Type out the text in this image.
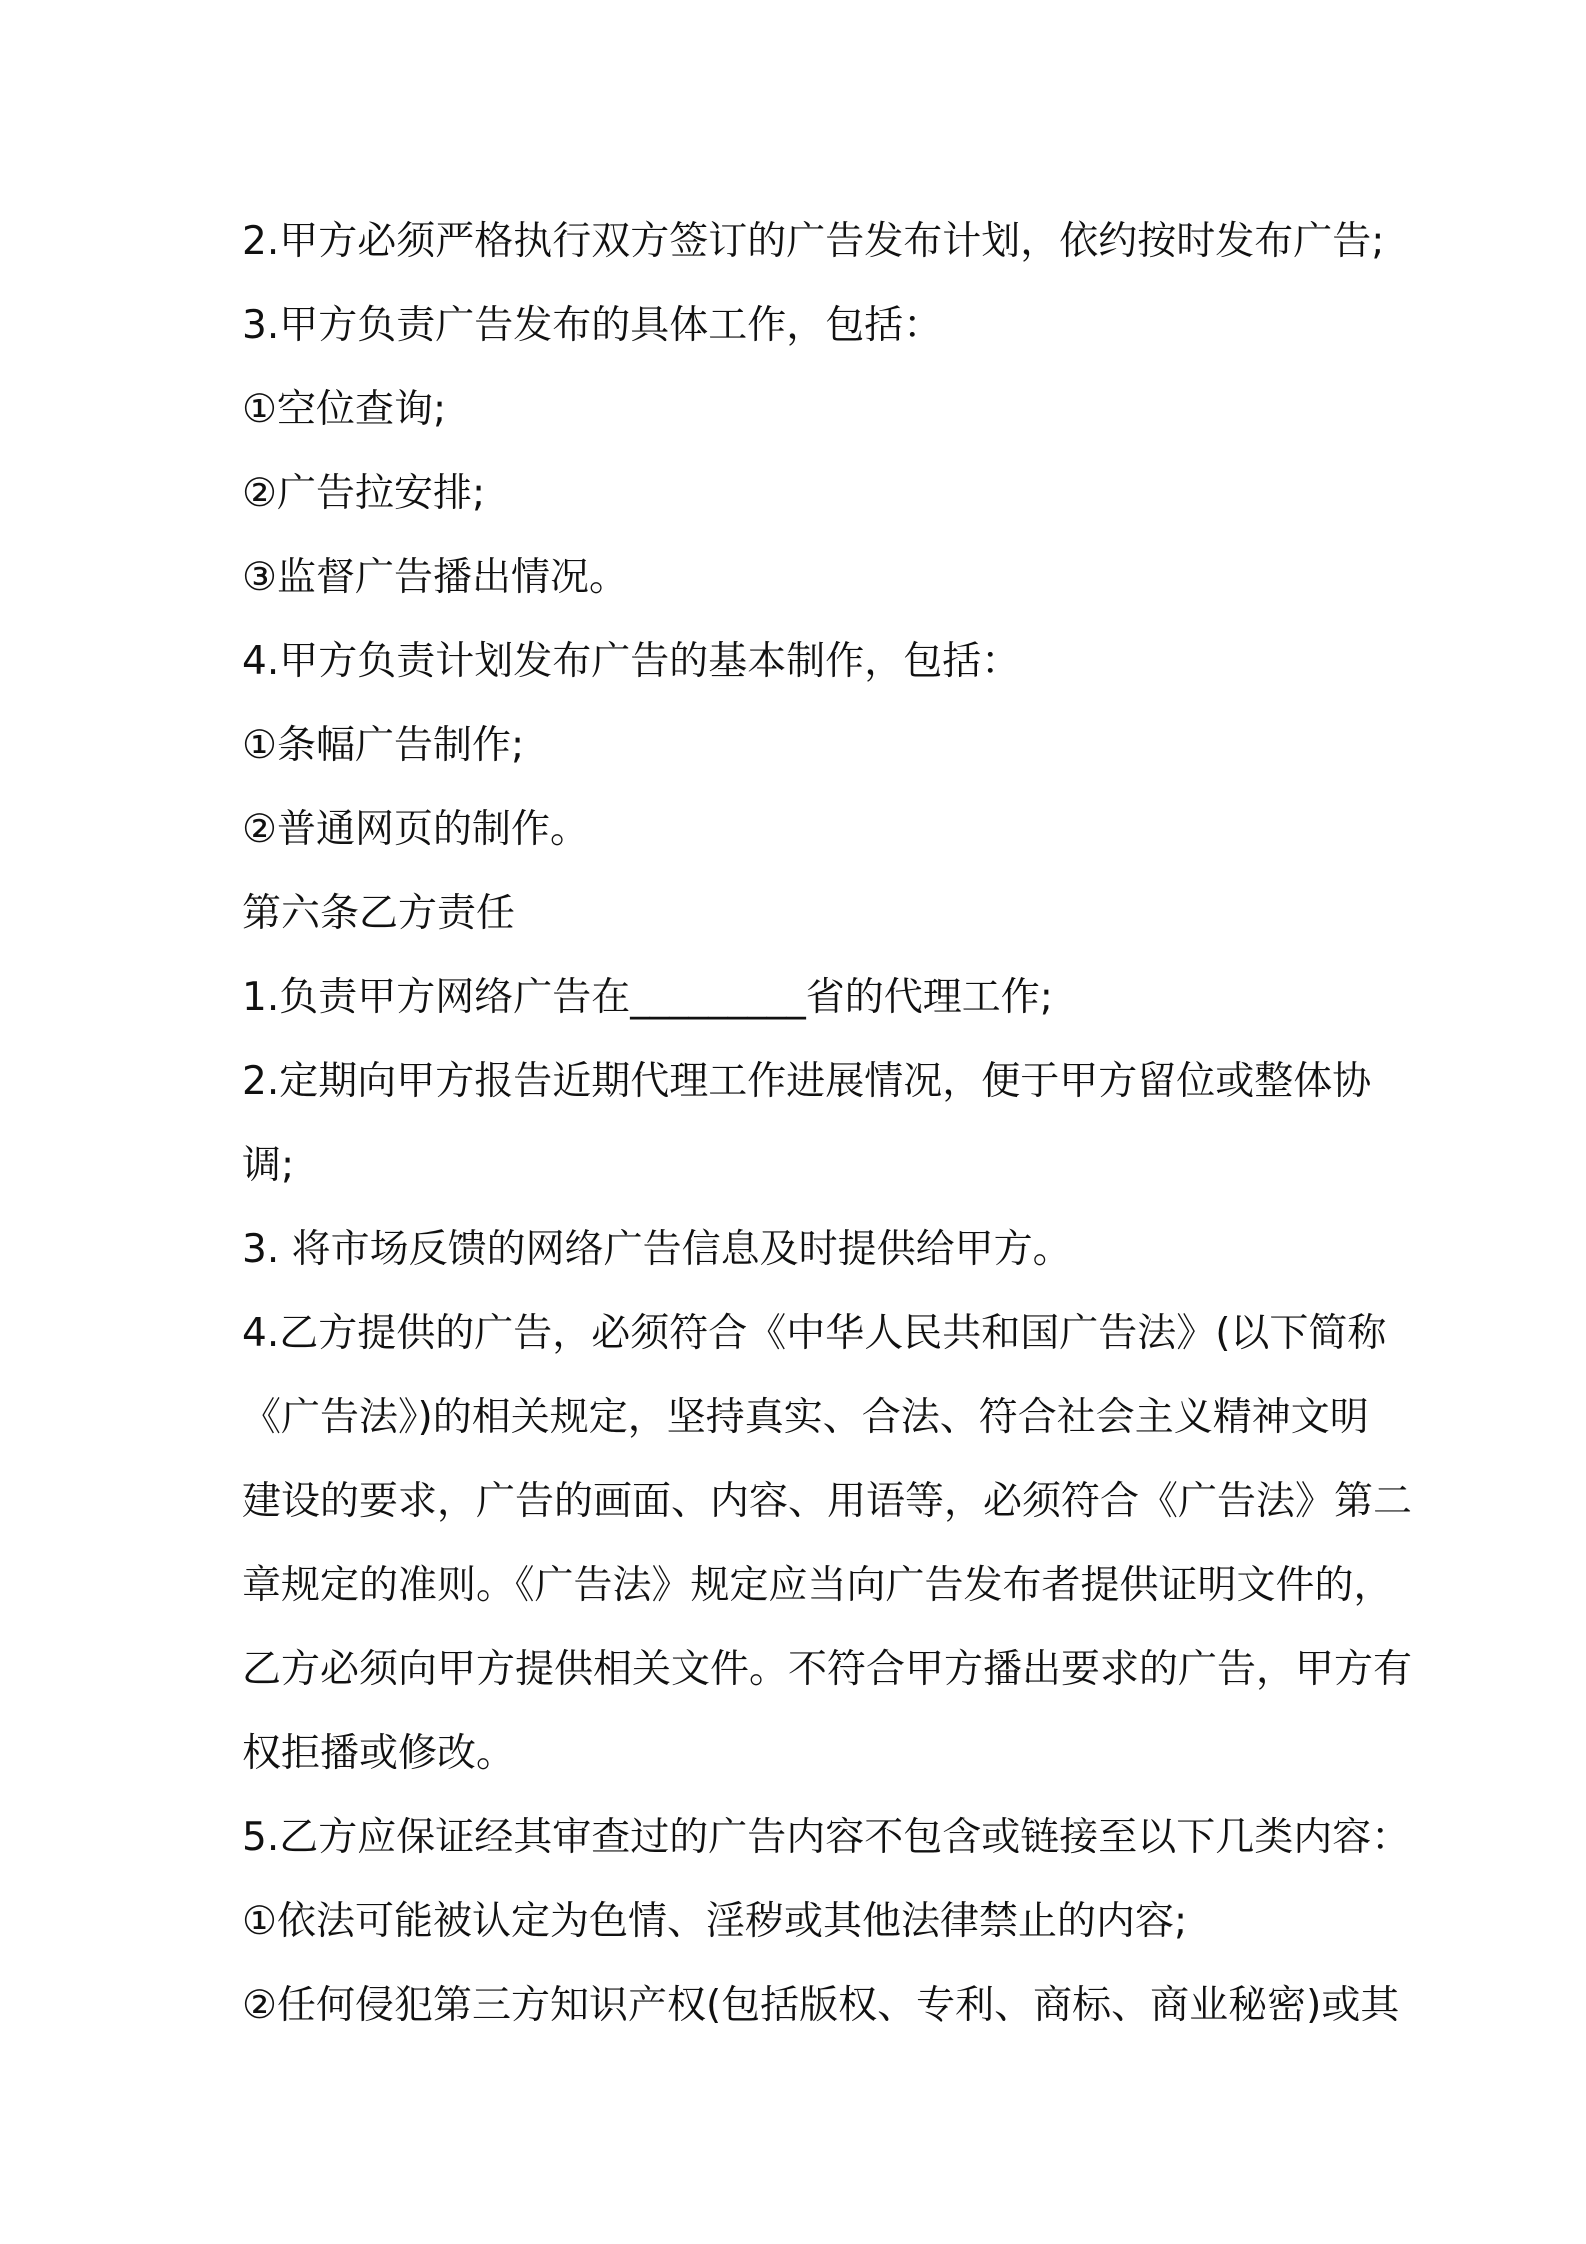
2.甲方必须严格执行双方签订的广告发布计划，依约按时发布广告;
3.甲方负责广告发布的具体工作，包括：
①空位查询;
②广告拉安排;
③监督广告播出情况。
4.甲方负责计划发布广告的基本制作，包括：
①条幅广告制作;
②普通网页的制作。
第六条乙方责任
1.负责甲方网络广告在_________省的代理工作;
2.定期向甲方报告近期代理工作进展情况，便于甲方留位或整体协
调;
3. 将市场反馈的网络广告信息及时提供给甲方。
4.乙方提供的广告，必须符合《中华人民共和国广告法》(以下简称
《广告法》)的相关规定，坚持真实、合法、符合社会主义精神文明
建设的要求，广告的画面、内容、用语等，必须符合《广告法》第二
章规定的准则。《广告法》规定应当向广告发布者提供证明文件的，
乙方必须向甲方提供相关文件。不符合甲方播出要求的广告，甲方有
权拒播或修改。
5.乙方应保证经其审查过的广告内容不包含或链接至以下几类内容：
①依法可能被认定为色情、淫秽或其他法律禁止的内容;
②任何侵犯第三方知识产权(包括版权、专利、商标、商业秘密)或其
